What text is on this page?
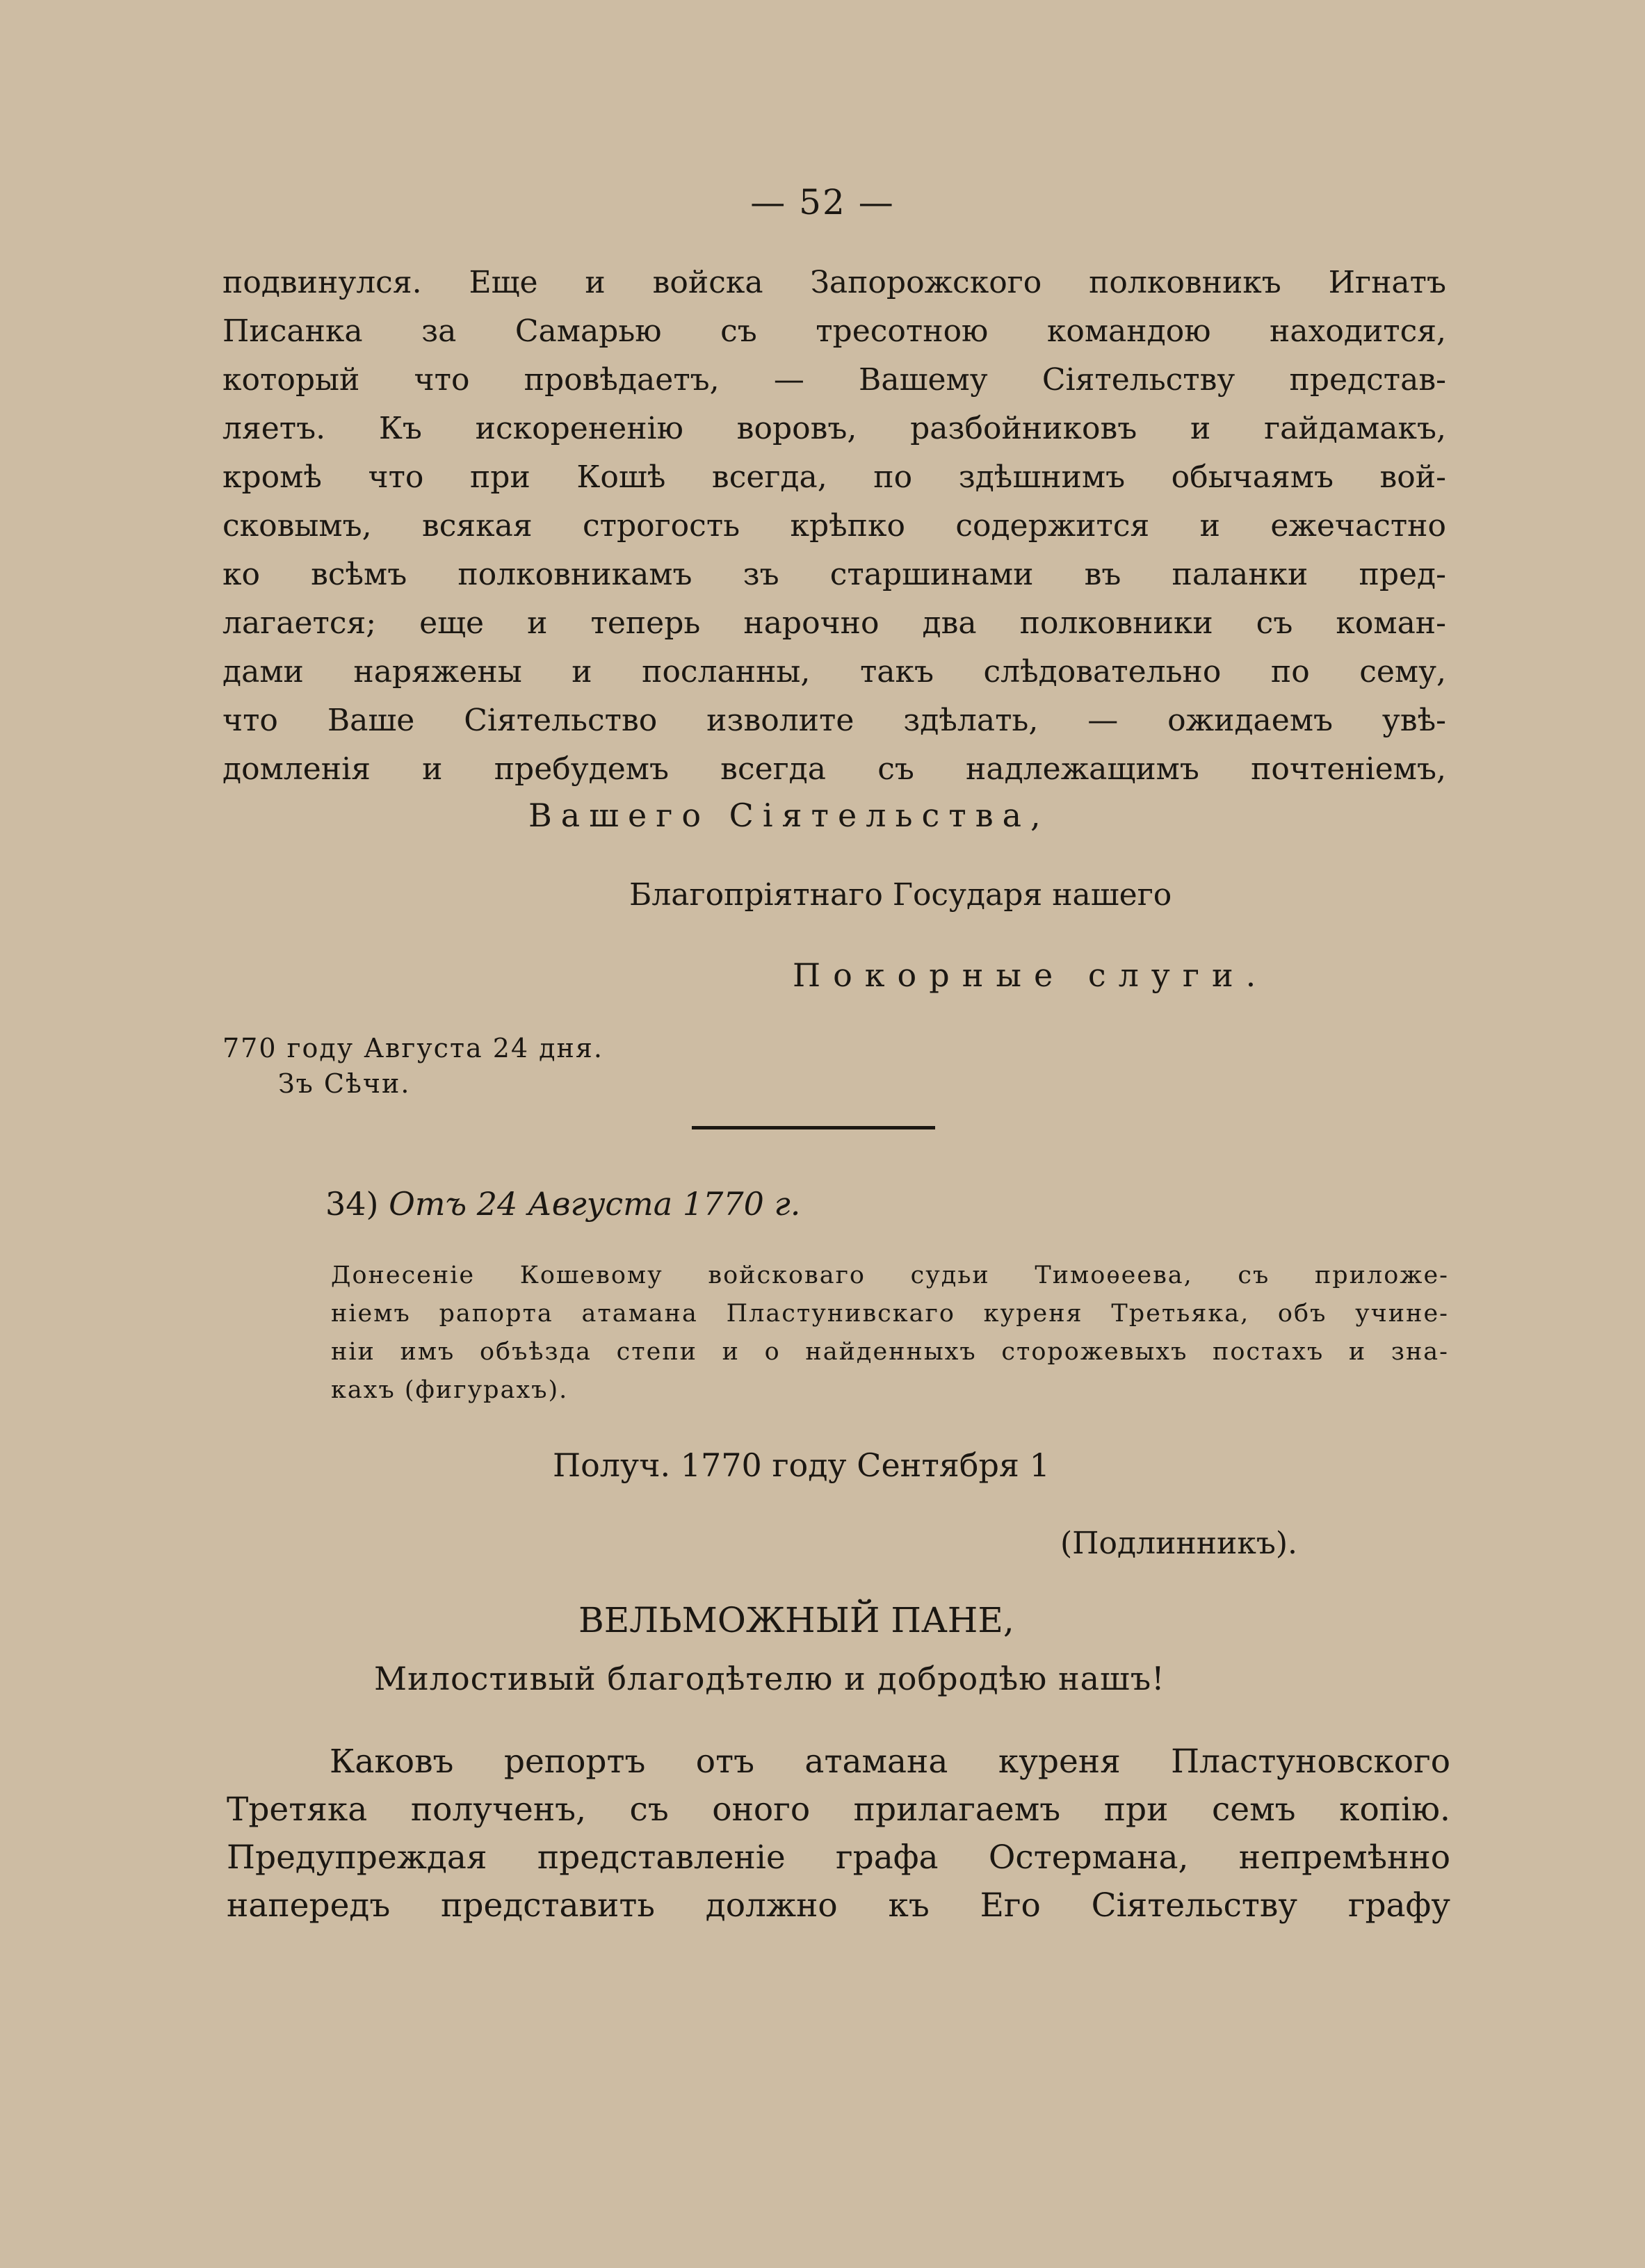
— 52 —
подвинулся. Еще и войска Запорожского полковникъ Игнатъ
Писанка за Самарью съ тресотною командою находится,
который что провѣдаетъ, — Вашему Сіятельству представ-
ляетъ. Къ искорененію воровъ, разбойниковъ и гайдамакъ,
кромѣ что при Кошѣ всегда, по здѣшнимъ обычаямъ вой-
сковымъ, всякая строгость крѣпко содержится и ежечастно
ко всѣмъ полковникамъ зъ старшинами въ паланки пред-
лагается; еще и теперь нарочно два полковники съ коман-
дами наряжены и посланны, такъ слѣдовательно по сему,
что Ваше Сіятельство изволите здѣлать, — ожидаемъ увѣ-
домленія и пребудемъ всегда съ надлежащимъ почтеніемъ,
Вашего Сіятельства,
Благопріятнаго Государя нашего
Покорные слуги.
770 году Августа 24 дня.
Зъ Сѣчи.
34) Отъ 24 Августа 1770 г.
Донесеніе Кошевому войсковаго судьи Тимоѳеева, съ приложе-
ніемъ рапорта атамана Пластунивскаго куреня Третьяка, объ учине-
ніи имъ объѣзда степи и о найденныхъ сторожевыхъ постахъ и зна-
кахъ (фигурахъ).
Получ. 1770 году Сентября 1
(Подлинникъ).
ВЕЛЬМОЖНЫЙ ПАНЕ,
Милостивый благодѣтелю и добродѣю нашъ!
Каковъ репортъ отъ атамана куреня Пластуновского
Третяка полученъ, съ оного прилагаемъ при семъ копію.
Предупреждая представленіе графа Остермана, непремѣнно
напередъ представить должно къ Его Сіятельству графу
